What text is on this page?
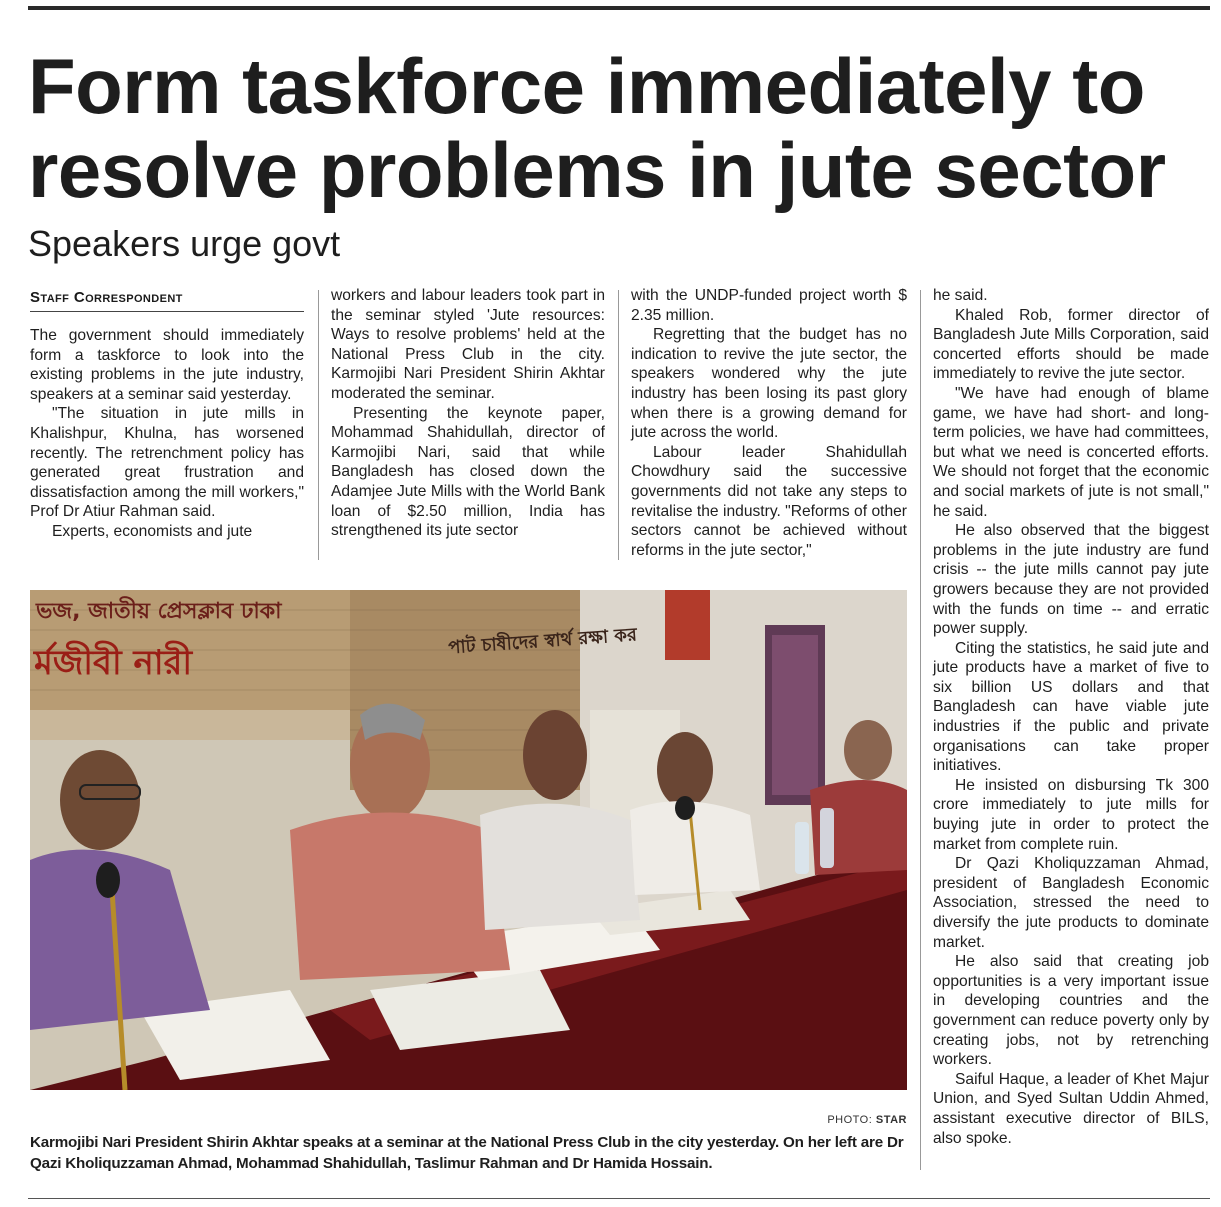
Form taskforce immediately to resolve problems in jute sector
Speakers urge govt
Staff Correspondent

The government should immediately form a taskforce to look into the existing problems in the jute industry, speakers at a seminar said yesterday.

"The situation in jute mills in Khalishpur, Khulna, has worsened recently. The retrenchment policy has generated great frustration and dissatisfaction among the mill workers," Prof Dr Atiur Rahman said.

Experts, economists and jute

workers and labour leaders took part in the seminar styled 'Jute resources: Ways to resolve problems' held at the National Press Club in the city. Karmojibi Nari President Shirin Akhtar moderated the seminar.

Presenting the keynote paper, Mohammad Shahidullah, director of Karmojibi Nari, said that while Bangladesh has closed down the Adamjee Jute Mills with the World Bank loan of $2.50 million, India has strengthened its jute sector

with the UNDP-funded project worth $ 2.35 million.

Regretting that the budget has no indication to revive the jute sector, the speakers wondered why the jute industry has been losing its past glory when there is a growing demand for jute across the world.

Labour leader Shahidullah Chowdhury said the successive governments did not take any steps to revitalise the industry. "Reforms of other sectors cannot be achieved without reforms in the jute sector,"

he said.

Khaled Rob, former director of Bangladesh Jute Mills Corporation, said concerted efforts should be made immediately to revive the jute sector.

"We have had enough of blame game, we have had short- and long-term policies, we have had committees, but what we need is concerted efforts. We should not forget that the economic and social markets of jute is not small," he said.

He also observed that the biggest problems in the jute industry are fund crisis -- the jute mills cannot pay jute growers because they are not provided with the funds on time -- and erratic power supply.

Citing the statistics, he said jute and jute products have a market of five to six billion US dollars and that Bangladesh can have viable jute industries if the public and private organisations can take proper initiatives.

He insisted on disbursing Tk 300 crore immediately to jute mills for buying jute in order to protect the market from complete ruin.

Dr Qazi Kholiquzzaman Ahmad, president of Bangladesh Economic Association, stressed the need to diversify the jute products to dominate market.

He also said that creating job opportunities is a very important issue in developing countries and the government can reduce poverty only by creating jobs, not by retrenching workers.

Saiful Haque, a leader of Khet Majur Union, and Syed Sultan Uddin Ahmed, assistant executive director of BILS, also spoke.

ভজ, জাতীয় প্রেসক্লাব ঢাকা
র্মজীবী নারী
পাট চাষীদের স্বার্থ রক্ষা কর
PHOTO: STAR

Karmojibi Nari President Shirin Akhtar speaks at a seminar at the National Press Club in the city yesterday. On her left are Dr Qazi Kholiquzzaman Ahmad, Mohammad Shahidullah, Taslimur Rahman and Dr Hamida Hossain.
